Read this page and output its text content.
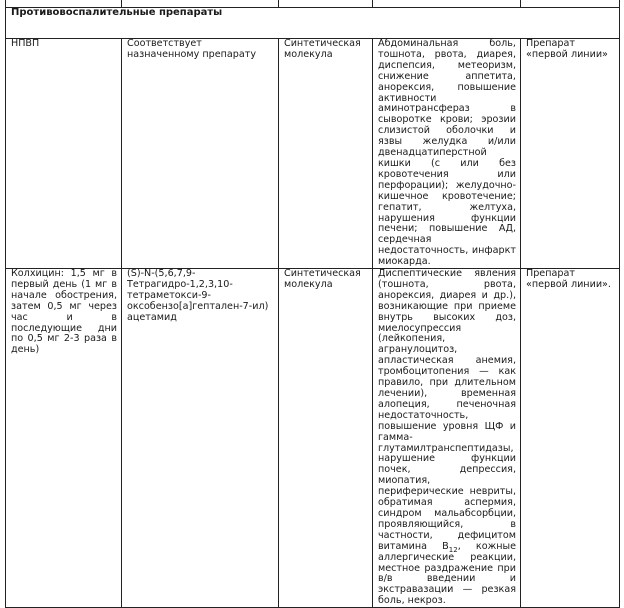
Противовоспалительные препараты				
НПВП	Соответствует назначенному препарату	Синтетическая молекула	Абдоминальная боль, тошнота, рвота, диарея, диспепсия, метеоризм, снижение аппетита, анорексия, повышение активности аминотрансфераз в сыворотке крови; эрозии слизистой оболочки и язвы желудка и/или двенадцатиперстной кишки (с или без кровотечения или перфорации); желудочно-кишечное кровотечение; гепатит, желтуха, нарушения функции печени; повышение АД, сердечная недостаточность, инфаркт миокарда.	Препарат «первой линии»
Колхицин: 1,5 мг в первый день (1 мг в начале обострения, затем 0,5 мг через час и в последующие дни по 0,5 мг 2-3 раза в день)	(S)-N-(5,6,7,9-Тетрагидро-1,2,3,10-тетраметокси-9-оксобензо[а]гептален-7-ил) ацетамид	Синтетическая молекула	Диспептические явления (тошнота, рвота, анорексия, диарея и др.), возникающие при приеме внутрь высоких доз, миелосупрессия (лейкопения, агранулоцитоз, апластическая анемия, тромбоцитопения — как правило, при длительном лечении), временная алопеция, печеночная недостаточность, повышение уровня ЩФ и гамма-глутамилтранспептидазы, нарушение функции почек, депрессия, миопатия, периферические невриты, обратимая аспермия, синдром мальабсорбции, проявляющийся, в частности, дефицитом витамина $В_{12}$, кожные аллергические реакции, местное раздражение при в/в введении и экстравазации — резкая боль, некроз.	Препарат «первой линии».
